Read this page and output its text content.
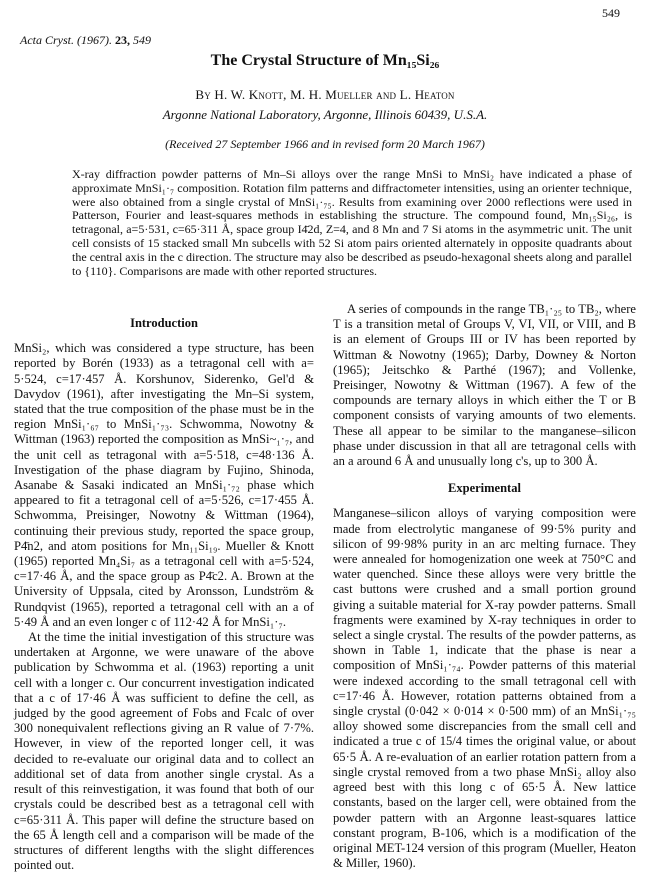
549
Acta Cryst. (1967). 23, 549
The Crystal Structure of Mn₁₅Si₂₆
By H. W. Knott, M. H. Mueller and L. Heaton
Argonne National Laboratory, Argonne, Illinois 60439, U.S.A.
(Received 27 September 1966 and in revised form 20 March 1967)
X-ray diffraction powder patterns of Mn–Si alloys over the range MnSi to MnSi₂ have indicated a phase of approximate MnSi₁·₇ composition. Rotation film patterns and diffractometer intensities, using an orienter technique, were also obtained from a single crystal of MnSi₁·₇₅. Results from examining over 2000 reflections were used in Patterson, Fourier and least-squares methods in establishing the structure. The compound found, Mn₁₅Si₂₆, is tetragonal, a=5·531, c=65·311 Å, space group I4̄2d, Z=4, and 8 Mn and 7 Si atoms in the asymmetric unit. The unit cell consists of 15 stacked small Mn subcells with 52 Si atom pairs oriented alternately in opposite quadrants about the central axis in the c direction. The structure may also be described as pseudo-hexagonal sheets along and parallel to {110}. Comparisons are made with other reported structures.
Introduction

MnSi₂, which was considered a type structure, has been reported by Borén (1933) as a tetragonal cell with a= 5·524, c=17·457 Å. Korshunov, Siderenko, Gel'd & Davydov (1961), after investigating the Mn–Si system, stated that the true composition of the phase must be in the region MnSi₁·₆₇ to MnSi₁·₇₃. Schwomma, Nowotny & Wittman (1963) reported the composition as MnSi~₁·₇, and the unit cell as tetragonal with a=5·518, c=48·136 Å. Investigation of the phase diagram by Fujino, Shinoda, Asanabe & Sasaki indicated an MnSi₁·₇₂ phase which appeared to fit a tetragonal cell of a=5·526, c=17·455 Å. Schwomma, Preisinger, Nowotny & Wittman (1964), continuing their previous study, reported the space group, P4̄n2, and atom positions for Mn₁₁Si₁₉. Mueller & Knott (1965) reported Mn₄Si₇ as a tetragonal cell with a=5·524, c=17·46 Å, and the space group as P4̄c2. A. Brown at the University of Uppsala, cited by Aronsson, Lundström & Rundqvist (1965), reported a tetragonal cell with an a of 5·49 Å and an even longer c of 112·42 Å for MnSi₁·₇.

At the time the initial investigation of this structure was undertaken at Argonne, we were unaware of the above publication by Schwomma et al. (1963) reporting a unit cell with a longer c. Our concurrent investigation indicated that a c of 17·46 Å was sufficient to define the cell, as judged by the good agreement of Fobs and Fcalc of over 300 nonequivalent reflections giving an R value of 7·7%. However, in view of the reported longer cell, it was decided to re-evaluate our original data and to collect an additional set of data from another single crystal. As a result of this reinvestigation, it was found that both of our crystals could be described best as a tetragonal cell with c=65·311 Å. This paper will define the structure based on the 65 Å length cell and a comparison will be made of the structures of different lengths with the slight differences pointed out.

A series of compounds in the range TB₁·₂₅ to TB₂, where T is a transition metal of Groups V, VI, VII, or VIII, and B is an element of Groups III or IV has been reported by Wittman & Nowotny (1965); Darby, Downey & Norton (1965); Jeitschko & Parthé (1967); and Vollenke, Preisinger, Nowotny & Wittman (1967). A few of the compounds are ternary alloys in which either the T or B component consists of varying amounts of two elements. These all appear to be similar to the manganese–silicon phase under discussion in that all are tetragonal cells with an a around 6 Å and unusually long c's, up to 300 Å.

Experimental

Manganese–silicon alloys of varying composition were made from electrolytic manganese of 99·5% purity and silicon of 99·98% purity in an arc melting furnace. They were annealed for homogenization one week at 750°C and water quenched. Since these alloys were very brittle the cast buttons were crushed and a small portion ground giving a suitable material for X-ray powder patterns. Small fragments were examined by X-ray techniques in order to select a single crystal. The results of the powder patterns, as shown in Table 1, indicate that the phase is near a composition of MnSi₁·₇₄. Powder patterns of this material were indexed according to the small tetragonal cell with c=17·46 Å. However, rotation patterns obtained from a single crystal (0·042 × 0·014 × 0·500 mm) of an MnSi₁·₇₅ alloy showed some discrepancies from the small cell and indicated a true c of 15/4 times the original value, or about 65·5 Å. A re-evaluation of an earlier rotation pattern from a single crystal removed from a two phase MnSi₂ alloy also agreed best with this long c of 65·5 Å. New lattice constants, based on the larger cell, were obtained from the powder pattern with an Argonne least-squares lattice constant program, B-106, which is a modification of the original MET-124 version of this program (Mueller, Heaton & Miller, 1960).
